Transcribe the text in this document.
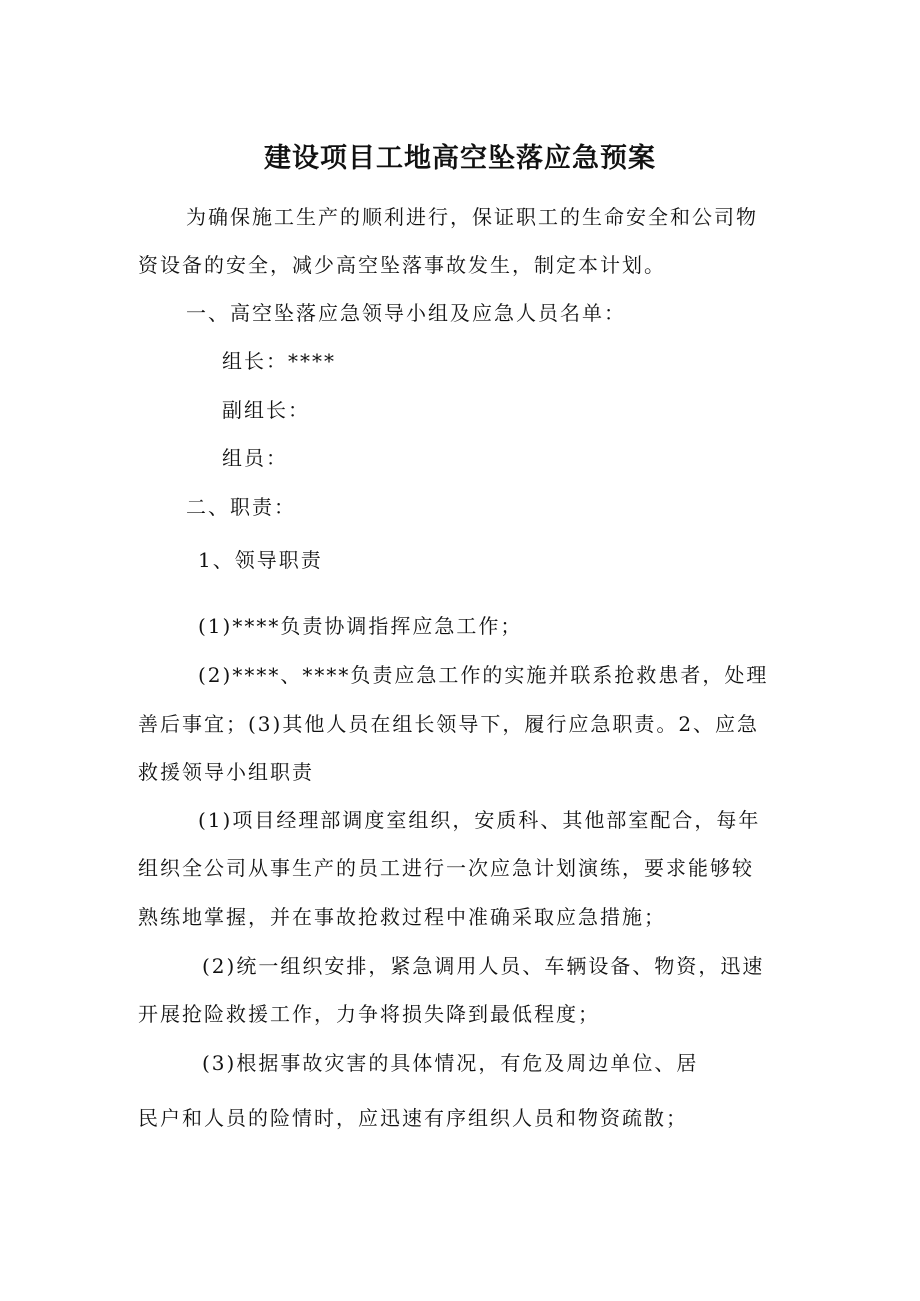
建设项目工地高空坠落应急预案
为确保施工生产的顺利进行，保证职工的生命安全和公司物
资设备的安全，减少高空坠落事故发生，制定本计划。
一、高空坠落应急领导小组及应急人员名单：
组长：****
副组长：
组员：
二、职责：
1、领导职责
(1)****负责协调指挥应急工作；
(2)****、****负责应急工作的实施并联系抢救患者，处理
善后事宜；(3)其他人员在组长领导下，履行应急职责。2、应急
救援领导小组职责
(1)项目经理部调度室组织，安质科、其他部室配合，每年
组织全公司从事生产的员工进行一次应急计划演练，要求能够较
熟练地掌握，并在事故抢救过程中准确采取应急措施；
(2)统一组织安排，紧急调用人员、车辆设备、物资，迅速
开展抢险救援工作，力争将损失降到最低程度；
(3)根据事故灾害的具体情况，有危及周边单位、居
民户和人员的险情时，应迅速有序组织人员和物资疏散；
